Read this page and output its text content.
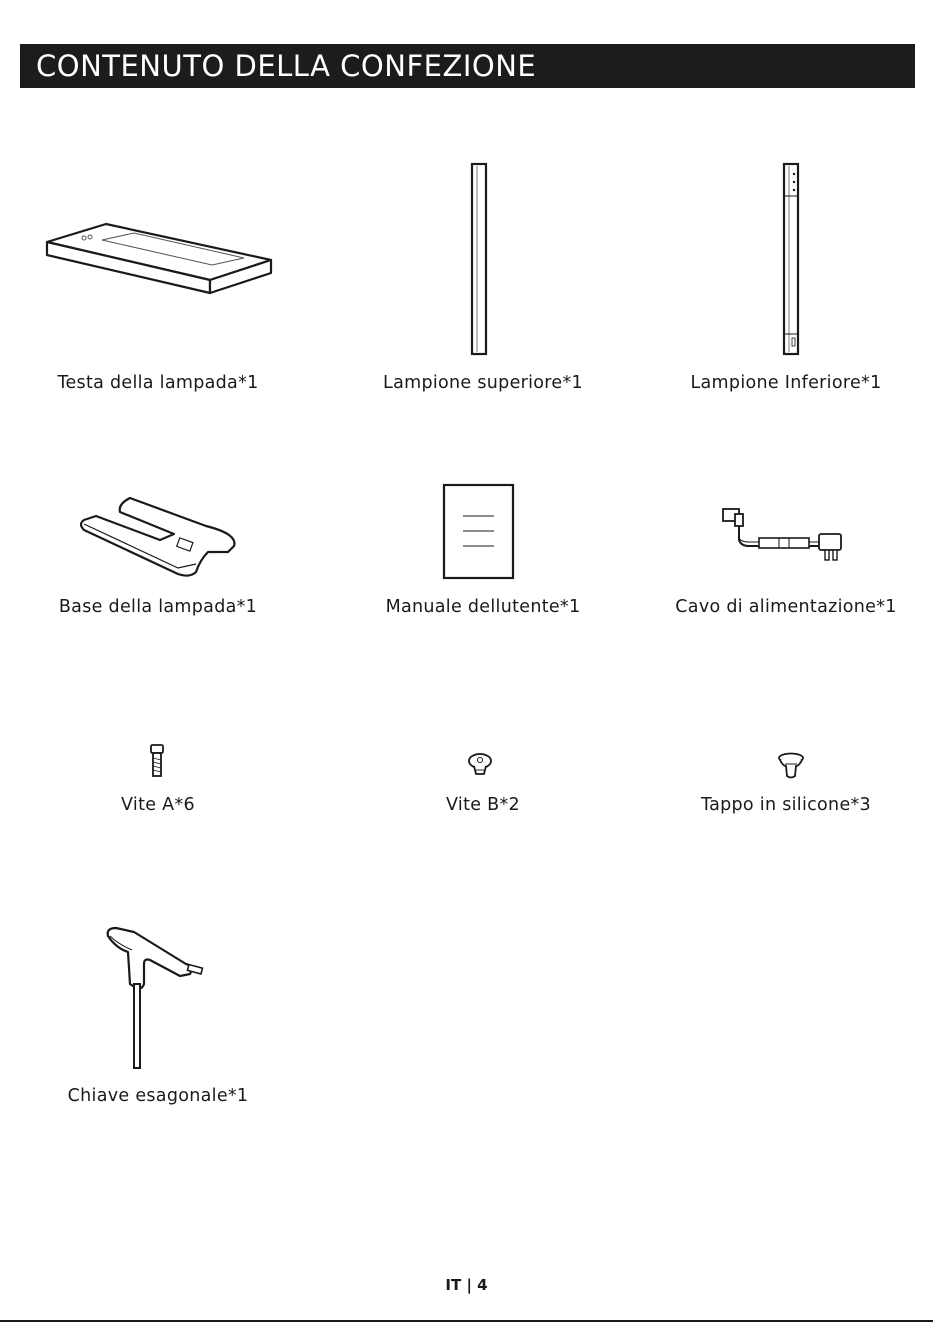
CONTENUTO DELLA CONFEZIONE
Testa della lampada*1	Lampione superiore*1	Lampione Inferiore*1
Base della lampada*1	Manuale dellutente*1	Cavo di alimentazione*1
Vite A*6	Vite B*2	Tappo in silicone*3
Chiave esagonale*1
IT | 4
